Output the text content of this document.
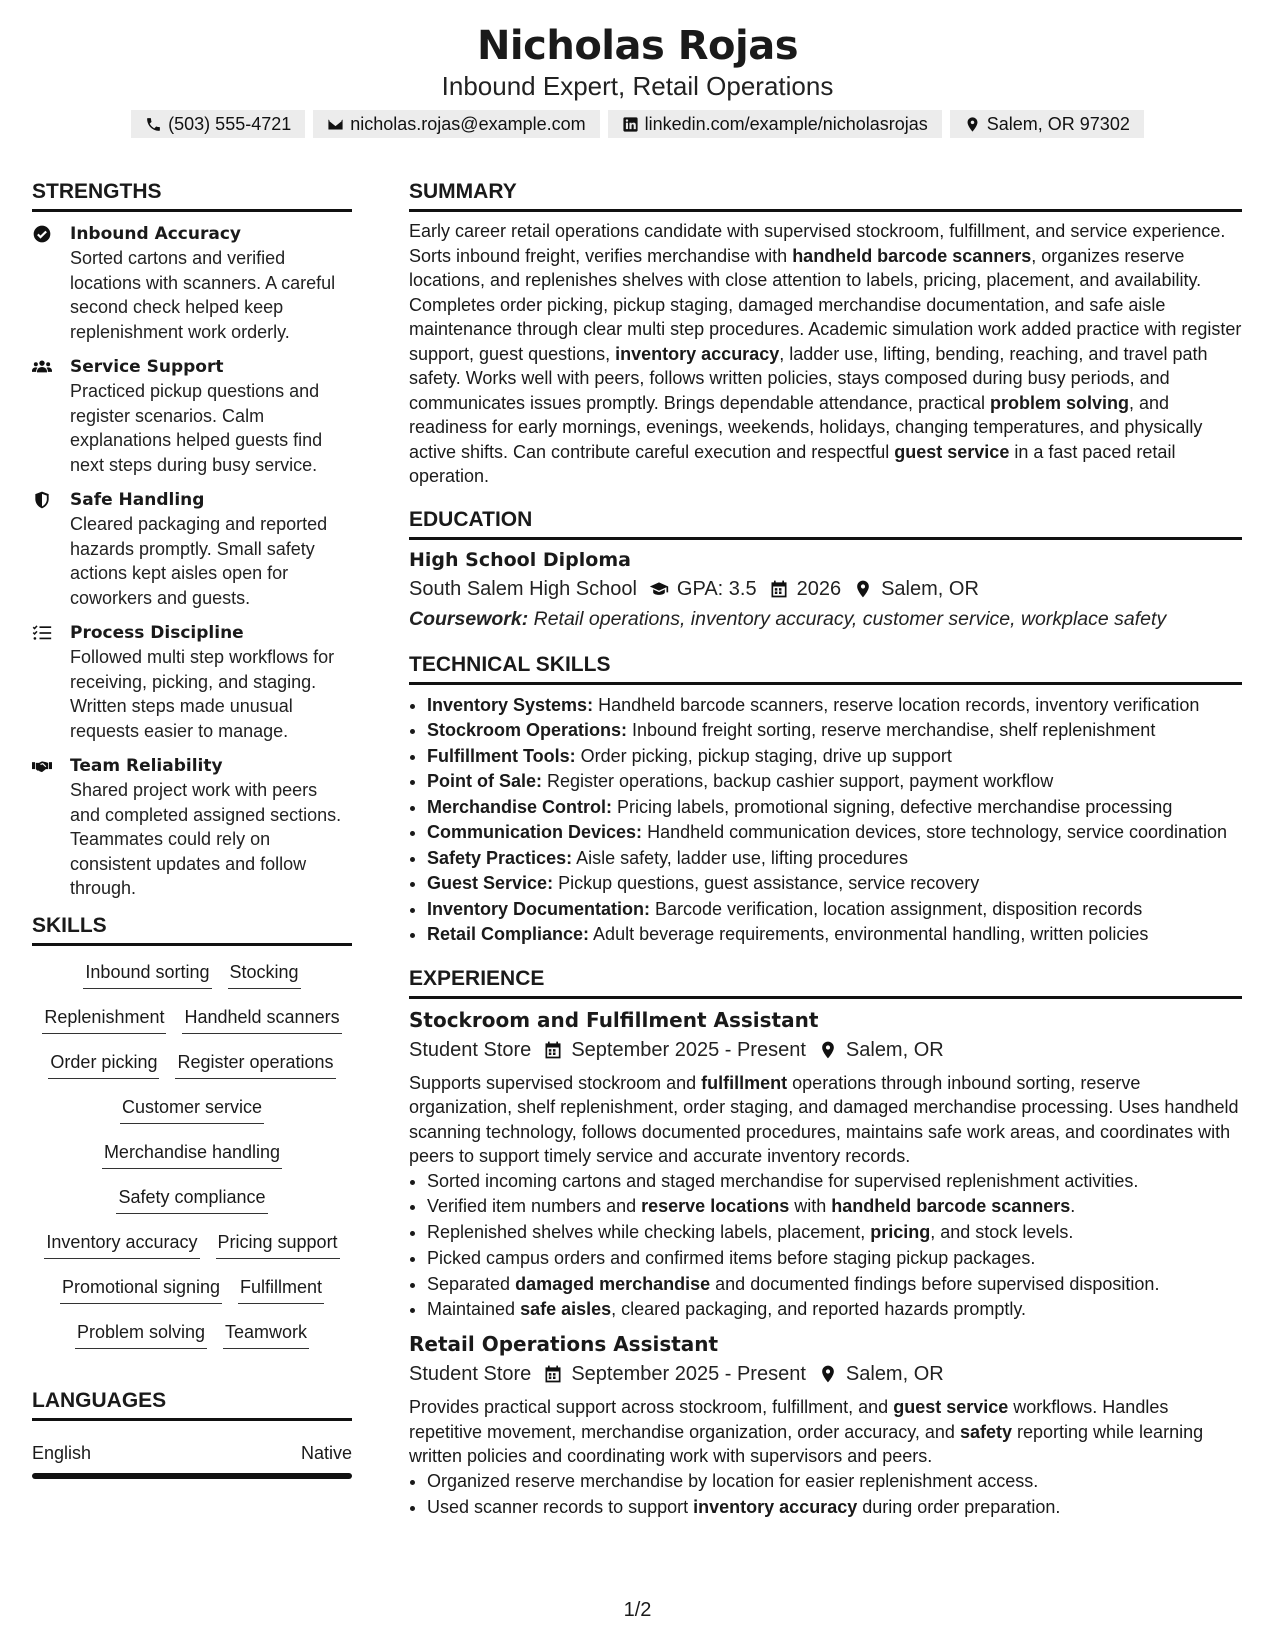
Nicholas Rojas
Inbound Expert, Retail Operations
(503) 555-4721	nicholas.rojas@example.com	linkedin.com/example/nicholasrojas	Salem, OR 97302
STRENGTHS
Inbound Accuracy
Sorted cartons and verified locations with scanners. A careful second check helped keep replenishment work orderly.
Service Support
Practiced pickup questions and register scenarios. Calm explanations helped guests find next steps during busy service.
Safe Handling
Cleared packaging and reported hazards promptly. Small safety actions kept aisles open for coworkers and guests.
Process Discipline
Followed multi step workflows for receiving, picking, and staging. Written steps made unusual requests easier to manage.
Team Reliability
Shared project work with peers and completed assigned sections. Teammates could rely on consistent updates and follow through.
SKILLS
Inbound sorting Stocking
Replenishment Handheld scanners
Order picking Register operations
Customer service
Merchandise handling
Safety compliance
Inventory accuracy Pricing support
Promotional signing Fulfillment
Problem solving Teamwork
LANGUAGES
English	Native
SUMMARY
Early career retail operations candidate with supervised stockroom, fulfillment, and service experience. Sorts inbound freight, verifies merchandise with handheld barcode scanners, organizes reserve locations, and replenishes shelves with close attention to labels, pricing, placement, and availability. Completes order picking, pickup staging, damaged merchandise documentation, and safe aisle maintenance through clear multi step procedures. Academic simulation work added practice with register support, guest questions, inventory accuracy, ladder use, lifting, bending, reaching, and travel path safety. Works well with peers, follows written policies, stays composed during busy periods, and communicates issues promptly. Brings dependable attendance, practical problem solving, and readiness for early mornings, evenings, weekends, holidays, changing temperatures, and physically active shifts. Can contribute careful execution and respectful guest service in a fast paced retail operation.
EDUCATION
High School Diploma
South Salem High School GPA: 3.5 2026 Salem, OR
Coursework: Retail operations, inventory accuracy, customer service, workplace safety
TECHNICAL SKILLS
• Inventory Systems: Handheld barcode scanners, reserve location records, inventory verification
• Stockroom Operations: Inbound freight sorting, reserve merchandise, shelf replenishment
• Fulfillment Tools: Order picking, pickup staging, drive up support
• Point of Sale: Register operations, backup cashier support, payment workflow
• Merchandise Control: Pricing labels, promotional signing, defective merchandise processing
• Communication Devices: Handheld communication devices, store technology, service coordination
• Safety Practices: Aisle safety, ladder use, lifting procedures
• Guest Service: Pickup questions, guest assistance, service recovery
• Inventory Documentation: Barcode verification, location assignment, disposition records
• Retail Compliance: Adult beverage requirements, environmental handling, written policies
EXPERIENCE
Stockroom and Fulfillment Assistant
Student Store September 2025 - Present Salem, OR
Supports supervised stockroom and fulfillment operations through inbound sorting, reserve organization, shelf replenishment, order staging, and damaged merchandise processing. Uses handheld scanning technology, follows documented procedures, maintains safe work areas, and coordinates with peers to support timely service and accurate inventory records.
• Sorted incoming cartons and staged merchandise for supervised replenishment activities.
• Verified item numbers and reserve locations with handheld barcode scanners.
• Replenished shelves while checking labels, placement, pricing, and stock levels.
• Picked campus orders and confirmed items before staging pickup packages.
• Separated damaged merchandise and documented findings before supervised disposition.
• Maintained safe aisles, cleared packaging, and reported hazards promptly.
Retail Operations Assistant
Student Store September 2025 - Present Salem, OR
Provides practical support across stockroom, fulfillment, and guest service workflows. Handles repetitive movement, merchandise organization, order accuracy, and safety reporting while learning written policies and coordinating work with supervisors and peers.
• Organized reserve merchandise by location for easier replenishment access.
• Used scanner records to support inventory accuracy during order preparation.
1/2
